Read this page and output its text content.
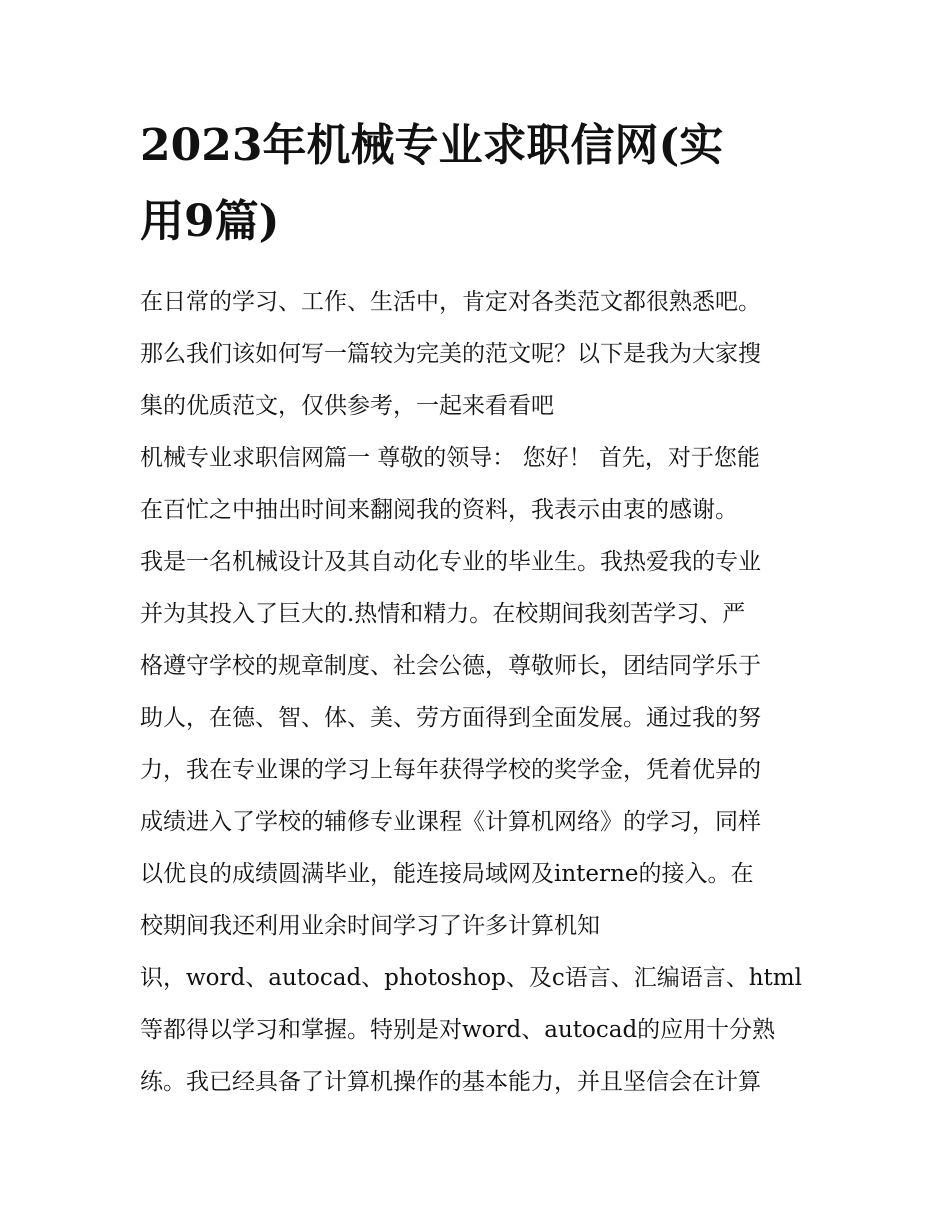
2023年机械专业求职信网(实
用9篇)
在日常的学习、工作、生活中，肯定对各类范文都很熟悉吧。
那么我们该如何写一篇较为完美的范文呢？以下是我为大家搜
集的优质范文，仅供参考，一起来看看吧
机械专业求职信网篇一 尊敬的领导： 您好！ 首先，对于您能
在百忙之中抽出时间来翻阅我的资料，我表示由衷的感谢。
我是一名机械设计及其自动化专业的毕业生。我热爱我的专业
并为其投入了巨大的.热情和精力。在校期间我刻苦学习、严
格遵守学校的规章制度、社会公德，尊敬师长，团结同学乐于
助人，在德、智、体、美、劳方面得到全面发展。通过我的努
力，我在专业课的学习上每年获得学校的奖学金，凭着优异的
成绩进入了学校的辅修专业课程《计算机网络》的学习，同样
以优良的成绩圆满毕业，能连接局域网及interne的接入。在
校期间我还利用业余时间学习了许多计算机知
识，word、autocad、photoshop、及c语言、汇编语言、html
等都得以学习和掌握。特别是对word、autocad的应用十分熟
练。我已经具备了计算机操作的基本能力，并且坚信会在计算
